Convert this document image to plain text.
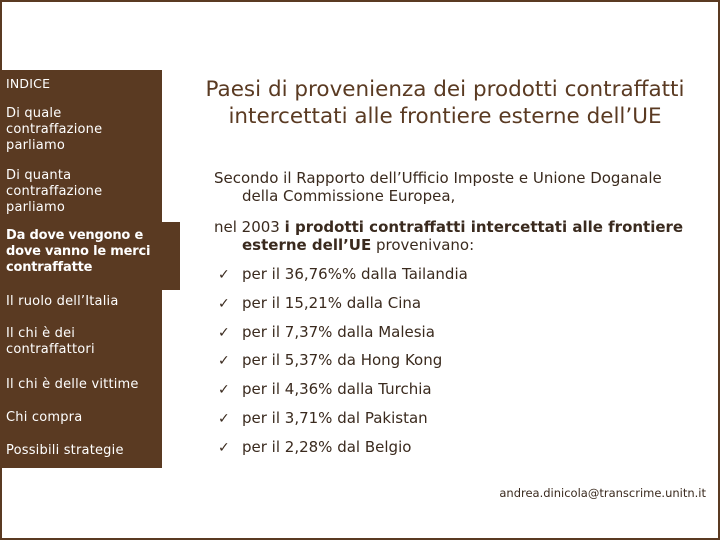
INDICE
Di quale contraffazione parliamo
Di quanta contraffazione parliamo
Da dove vengono e dove vanno le merci contraffatte
Il ruolo dell’Italia
Il chi è dei contraffattori
Il chi è delle vittime
Chi compra
Possibili strategie
Paesi di provenienza dei prodotti contraffatti
intercettati alle frontiere esterne dell’UE
Secondo il Rapporto dell’Ufficio Imposte e Unione Doganale
della Commissione Europea,
nel 2003 i prodotti contraffatti intercettati alle frontiere
esterne dell’UE provenivano:
✓ per il 36,76%% dalla Tailandia
✓ per il 15,21% dalla Cina
✓ per il 7,37% dalla Malesia
✓ per il 5,37% da Hong Kong
✓ per il 4,36% dalla Turchia
✓ per il 3,71% dal Pakistan
✓ per il 2,28% dal Belgio
andrea.dinicola@transcrime.unitn.it
